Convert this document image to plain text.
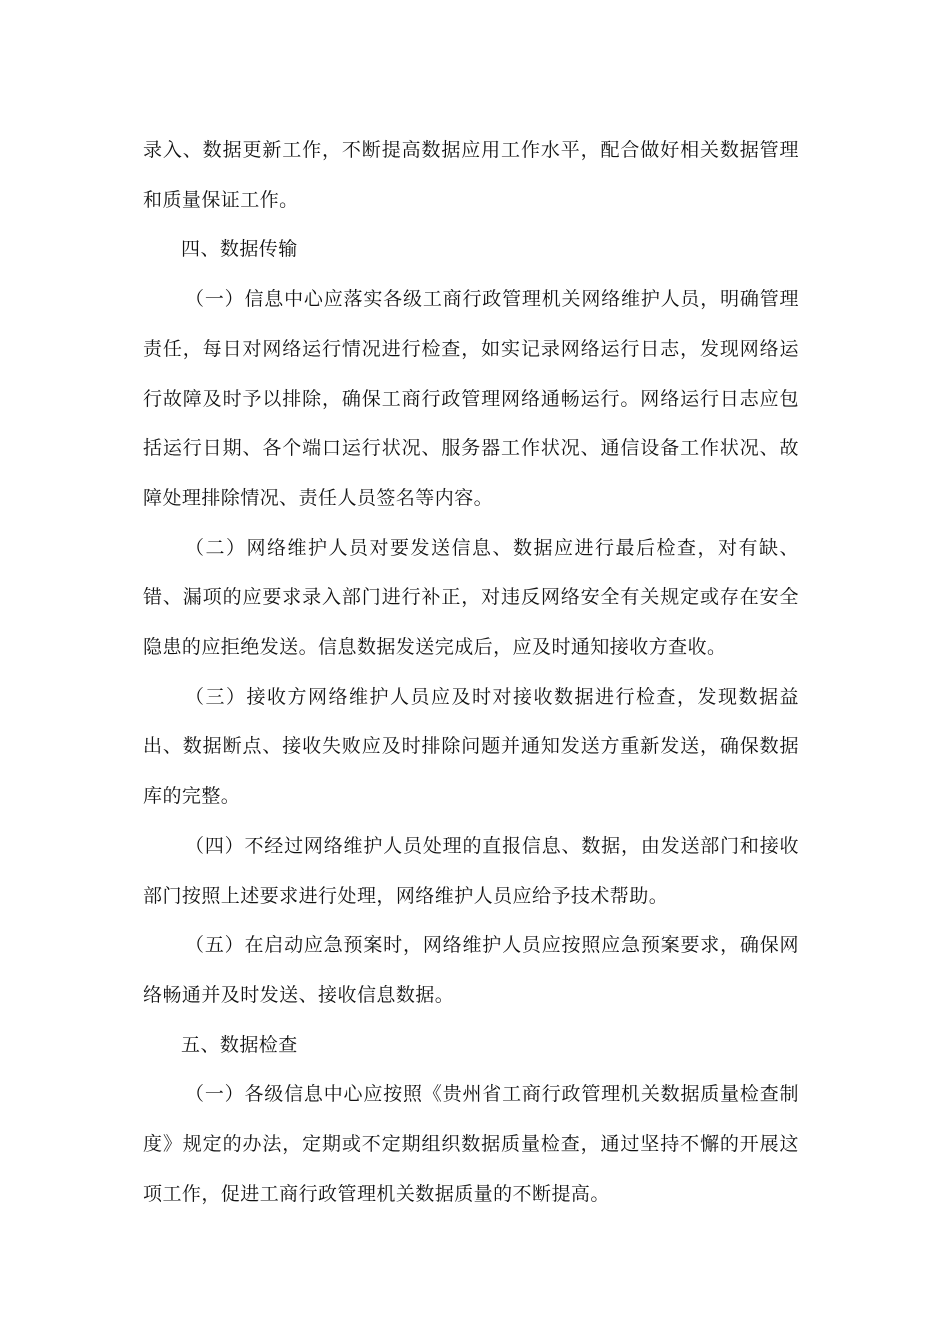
录入、数据更新工作，不断提高数据应用工作水平，配合做好相关数据管理和质量保证工作。

四、数据传输

（一）信息中心应落实各级工商行政管理机关网络维护人员，明确管理责任，每日对网络运行情况进行检查，如实记录网络运行日志，发现网络运行故障及时予以排除，确保工商行政管理网络通畅运行。网络运行日志应包括运行日期、各个端口运行状况、服务器工作状况、通信设备工作状况、故障处理排除情况、责任人员签名等内容。

（二）网络维护人员对要发送信息、数据应进行最后检查，对有缺、错、漏项的应要求录入部门进行补正，对违反网络安全有关规定或存在安全隐患的应拒绝发送。信息数据发送完成后，应及时通知接收方查收。

（三）接收方网络维护人员应及时对接收数据进行检查，发现数据益出、数据断点、接收失败应及时排除问题并通知发送方重新发送，确保数据库的完整。

（四）不经过网络维护人员处理的直报信息、数据，由发送部门和接收部门按照上述要求进行处理，网络维护人员应给予技术帮助。

（五）在启动应急预案时，网络维护人员应按照应急预案要求，确保网络畅通并及时发送、接收信息数据。

五、数据检查

（一）各级信息中心应按照《贵州省工商行政管理机关数据质量检查制度》规定的办法，定期或不定期组织数据质量检查，通过坚持不懈的开展这项工作，促进工商行政管理机关数据质量的不断提高。
